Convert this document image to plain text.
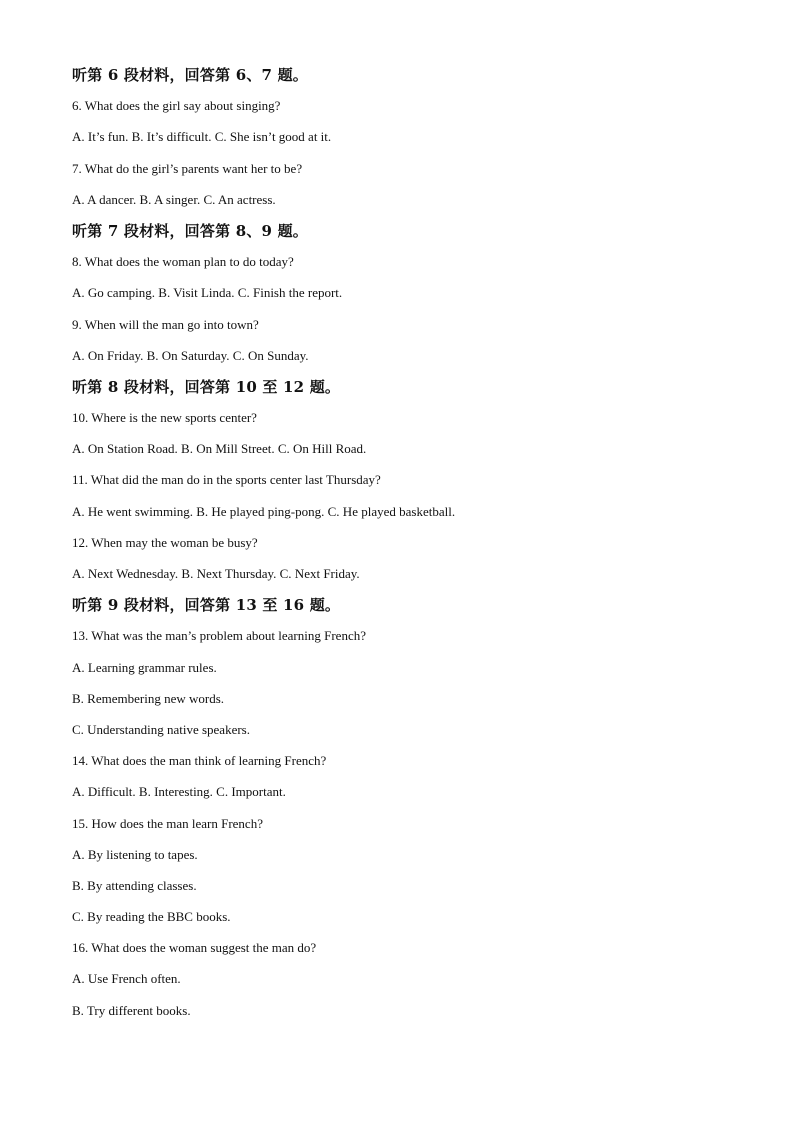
听第 6 段材料，回答第 6、7 题。
6. What does the girl say about singing?
A. It’s fun. B. It’s difficult. C. She isn’t good at it.
7. What do the girl’s parents want her to be?
A. A dancer. B. A singer. C. An actress.
听第 7 段材料，回答第 8、9 题。
8. What does the woman plan to do today?
A. Go camping. B. Visit Linda. C. Finish the report.
9. When will the man go into town?
A. On Friday. B. On Saturday. C. On Sunday.
听第 8 段材料，回答第 10 至 12 题。
10. Where is the new sports center?
A. On Station Road. B. On Mill Street. C. On Hill Road.
11. What did the man do in the sports center last Thursday?
A. He went swimming. B. He played ping-pong. C. He played basketball.
12. When may the woman be busy?
A. Next Wednesday. B. Next Thursday. C. Next Friday.
听第 9 段材料，回答第 13 至 16 题。
13. What was the man’s problem about learning French?
A. Learning grammar rules.
B. Remembering new words.
C. Understanding native speakers.
14. What does the man think of learning French?
A. Difficult. B. Interesting. C. Important.
15. How does the man learn French?
A. By listening to tapes.
B. By attending classes.
C. By reading the BBC books.
16. What does the woman suggest the man do?
A. Use French often.
B. Try different books.
